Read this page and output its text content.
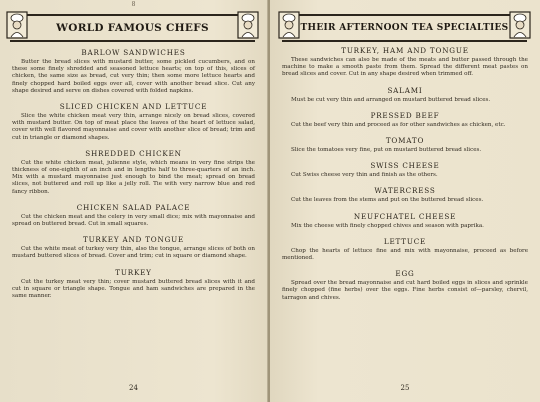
8
WORLD FAMOUS CHEFS
BARLOW SANDWICHES
Butter the bread slices with mustard butter, some pickled cucumbers, and on these some finely shredded and seasoned lettuce hearts; on top of this, slices of chicken, the same size as bread, cut very thin; then some more lettuce hearts and finely chopped hard boiled eggs over all, cover with another bread slice. Cut any shape desired and serve on dishes covered with folded napkins.
SLICED CHICKEN AND LETTUCE
Slice the white chicken meat very thin, arrange nicely on bread slices, covered with mustard butter. On top of meat place the leaves of the heart of lettuce salad, cover with well flavored mayonnaise and cover with another slice of bread; trim and cut in triangle or diamond shapes.
SHREDDED CHICKEN
Cut the white chicken meat, julienne style, which means in very fine strips the thickness of one-eighth of an inch and in lengths half to three-quarters of an inch. Mix with a mustard mayonnaise just enough to bind the meat; spread on bread slices, not buttered and roll up like a jelly roll. Tie with very narrow blue and red fancy ribbon.
CHICKEN SALAD PALACE
Cut the chicken meat and the celery in very small dice; mix with mayonnaise and spread on buttered bread. Cut in small squares.
TURKEY AND TONGUE
Cut the white meat of turkey very thin, also the tongue, arrange slices of both on mustard buttered slices of bread. Cover and trim; cut in square or diamond shape.
TURKEY
Cut the turkey meat very thin; cover mustard buttered bread slices with it and cut in square or triangle shape. Tongue and ham sandwiches are prepared in the same manner.
24
THEIR AFTERNOON TEA SPECIALTIES
TURKEY, HAM AND TONGUE
These sandwiches can also be made of the meats and butter passed through the machine to make a smooth paste from them. Spread the different meat pastes on bread slices and cover. Cut in any shape desired when trimmed off.
SALAMI
Must be cut very thin and arranged on mustard buttered bread slices.
PRESSED BEEF
Cut the beef very thin and proceed as for other sandwiches as chicken, etc.
TOMATO
Slice the tomatoes very fine, put on mustard buttered bread slices.
SWISS CHEESE
Cut Swiss cheese very thin and finish as the others.
WATERCRESS
Cut the leaves from the stems and put on the buttered bread slices.
NEUFCHATEL CHEESE
Mix the cheese with finely chopped chives and season with paprika.
LETTUCE
Chop the hearts of lettuce fine and mix with mayonnaise, proceed as before mentioned.
EGG
Spread over the bread mayonnaise and cut hard boiled eggs in slices and sprinkle finely chopped (fine herbs) over the eggs. Fine herbs consist of—parsley, chervil, tarragon and chives.
25
